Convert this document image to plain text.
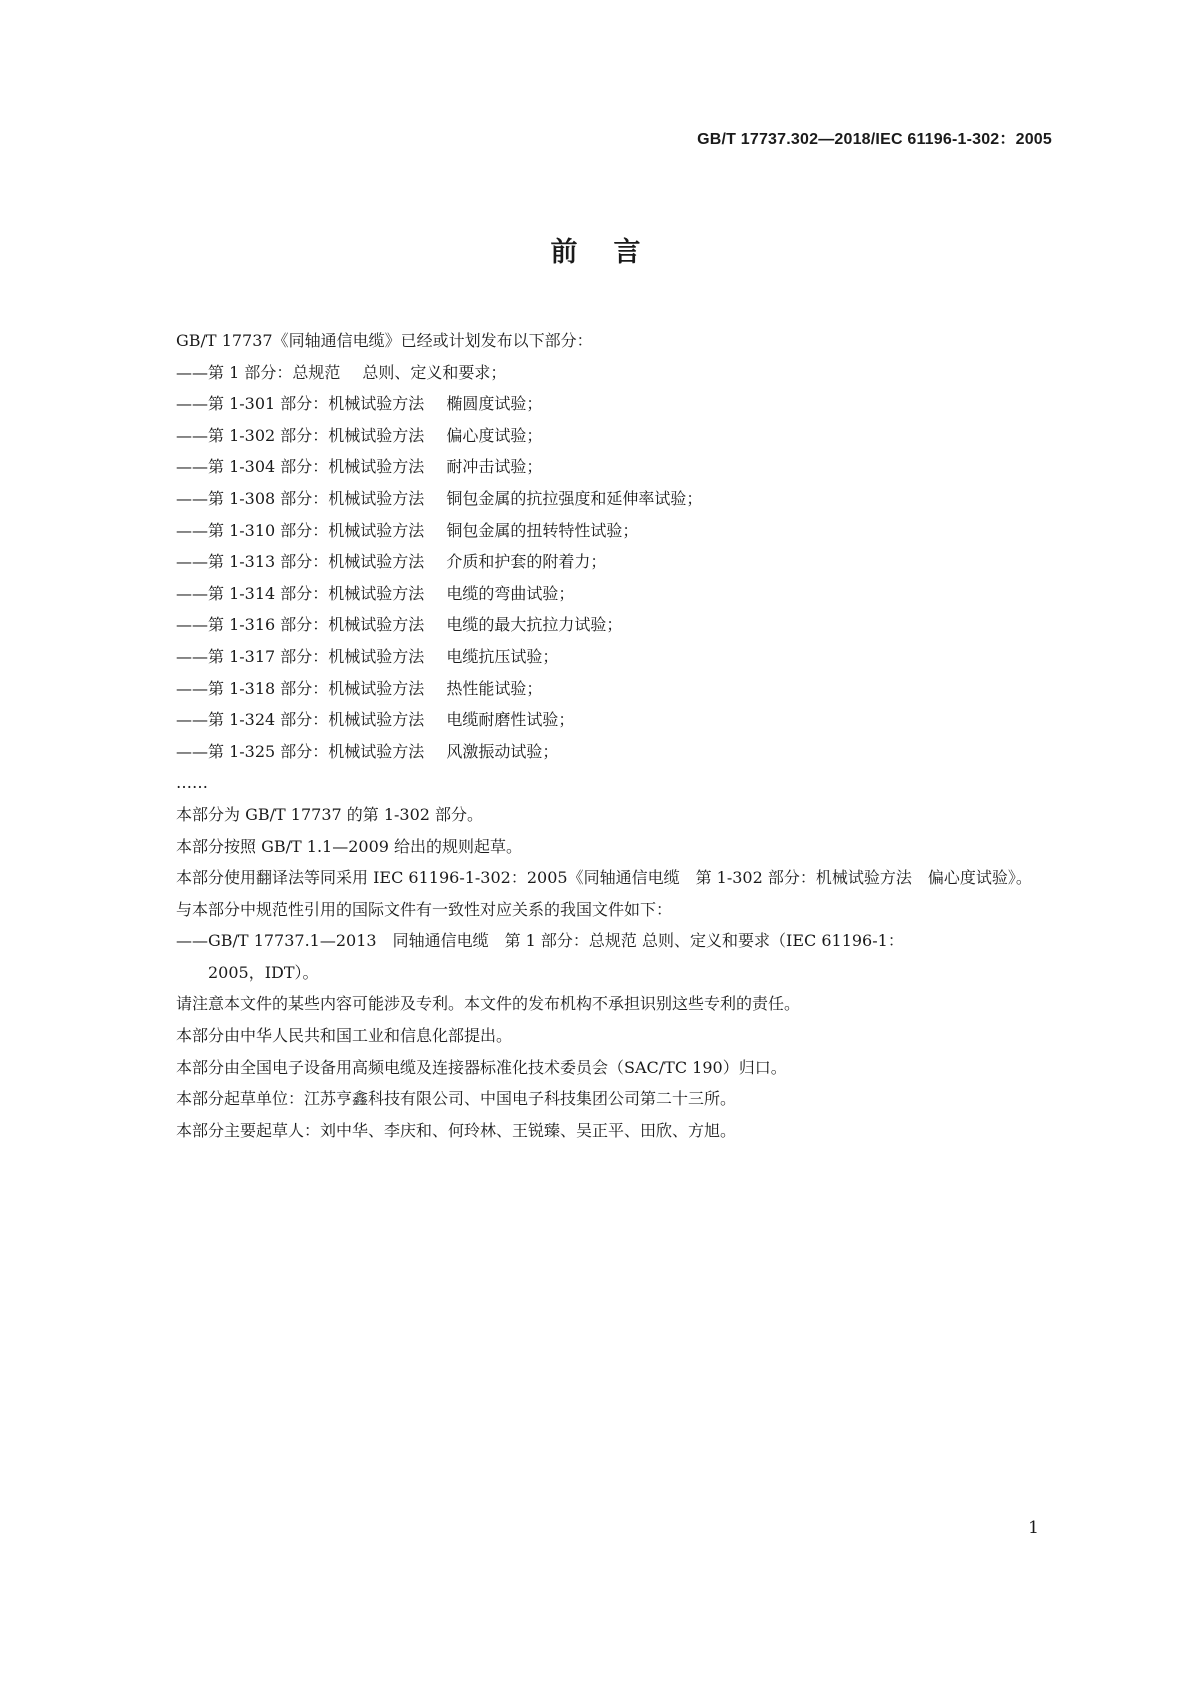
GB/T 17737.302—2018/IEC 61196-1-302：2005
前言
GB/T 17737《同轴通信电缆》已经或计划发布以下部分：
——第 1 部分：总规范 总则、定义和要求；
——第 1-301 部分：机械试验方法 椭圆度试验；
——第 1-302 部分：机械试验方法 偏心度试验；
——第 1-304 部分：机械试验方法 耐冲击试验；
——第 1-308 部分：机械试验方法 铜包金属的抗拉强度和延伸率试验；
——第 1-310 部分：机械试验方法 铜包金属的扭转特性试验；
——第 1-313 部分：机械试验方法 介质和护套的附着力；
——第 1-314 部分：机械试验方法 电缆的弯曲试验；
——第 1-316 部分：机械试验方法 电缆的最大抗拉力试验；
——第 1-317 部分：机械试验方法 电缆抗压试验；
——第 1-318 部分：机械试验方法 热性能试验；
——第 1-324 部分：机械试验方法 电缆耐磨性试验；
——第 1-325 部分：机械试验方法 风激振动试验；
……
本部分为 GB/T 17737 的第 1-302 部分。
本部分按照 GB/T 1.1—2009 给出的规则起草。
本部分使用翻译法等同采用 IEC 61196-1-302：2005《同轴通信电缆　第 1-302 部分：机械试验方法　偏心度试验》。
与本部分中规范性引用的国际文件有一致性对应关系的我国文件如下：
——GB/T 17737.1—2013　同轴通信电缆　第 1 部分：总规范 总则、定义和要求（IEC 61196-1：
2005，IDT）。
请注意本文件的某些内容可能涉及专利。本文件的发布机构不承担识别这些专利的责任。
本部分由中华人民共和国工业和信息化部提出。
本部分由全国电子设备用高频电缆及连接器标准化技术委员会（SAC/TC 190）归口。
本部分起草单位：江苏亨鑫科技有限公司、中国电子科技集团公司第二十三所。
本部分主要起草人：刘中华、李庆和、何玲林、王锐臻、吴正平、田欣、方旭。
1
